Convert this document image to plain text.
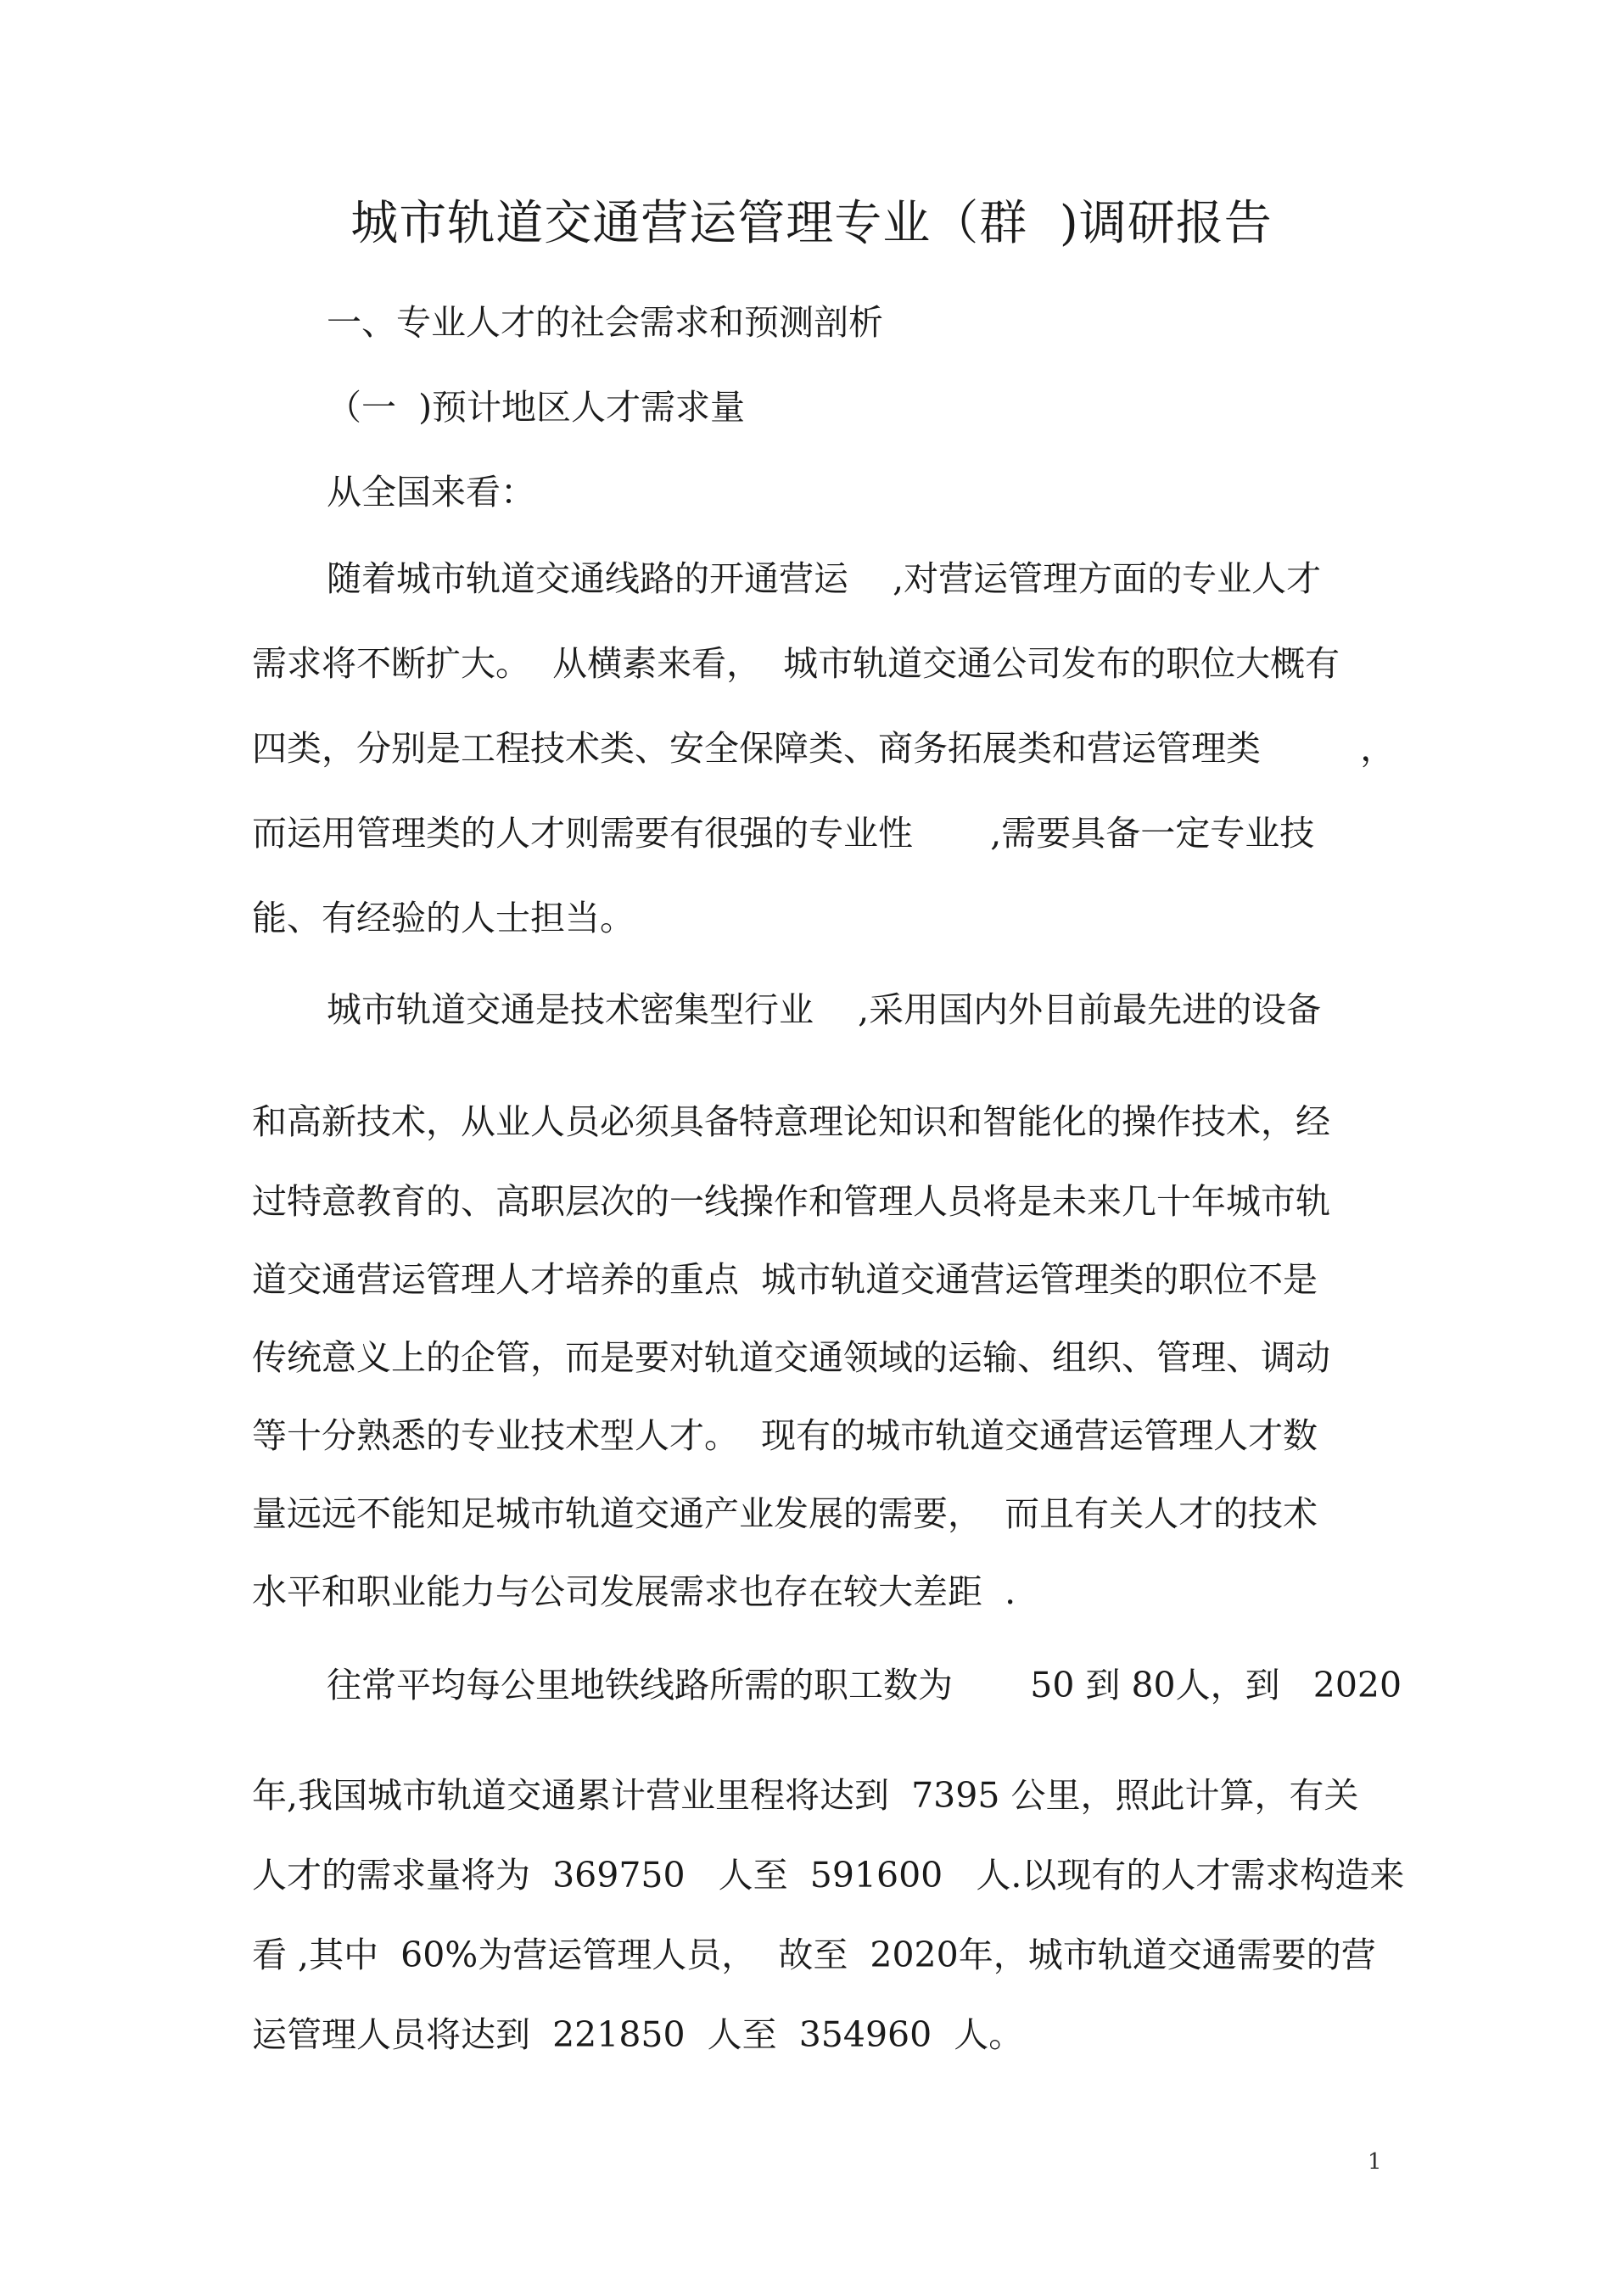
城市轨道交通营运管理专业（群  )调研报告
一、专业人才的社会需求和预测剖析
（一  )预计地区人才需求量
从全国来看：
随着城市轨道交通线路的开通营运    ,对营运管理方面的专业人才
需求将不断扩大。  从横素来看，  城市轨道交通公司发布的职位大概有
四类，分别是工程技术类、安全保障类、商务拓展类和营运管理类         ，
而运用管理类的人才则需要有很强的专业性       ,需要具备一定专业技
能、有经验的人士担当。
城市轨道交通是技术密集型行业    ,采用国内外目前最先进的设备
和高新技术，从业人员必须具备特意理论知识和智能化的操作技术，经
过特意教育的、高职层次的一线操作和管理人员将是未来几十年城市轨
道交通营运管理人才培养的重点  城市轨道交通营运管理类的职位不是
传统意义上的企管，而是要对轨道交通领域的运输、组织、管理、调动
等十分熟悉的专业技术型人才。  现有的城市轨道交通营运管理人才数
量远远不能知足城市轨道交通产业发展的需要，  而且有关人才的技术
水平和职业能力与公司发展需求也存在较大差距  .
往常平均每公里地铁线路所需的职工数为       50 到 80人，到   2020
年,我国城市轨道交通累计营业里程将达到  7395 公里，照此计算，有关
人才的需求量将为  369750   人至  591600   人.以现有的人才需求构造来
看 ,其中  60%为营运管理人员，  故至  2020年，城市轨道交通需要的营
运管理人员将达到  221850  人至  354960  人。
1
